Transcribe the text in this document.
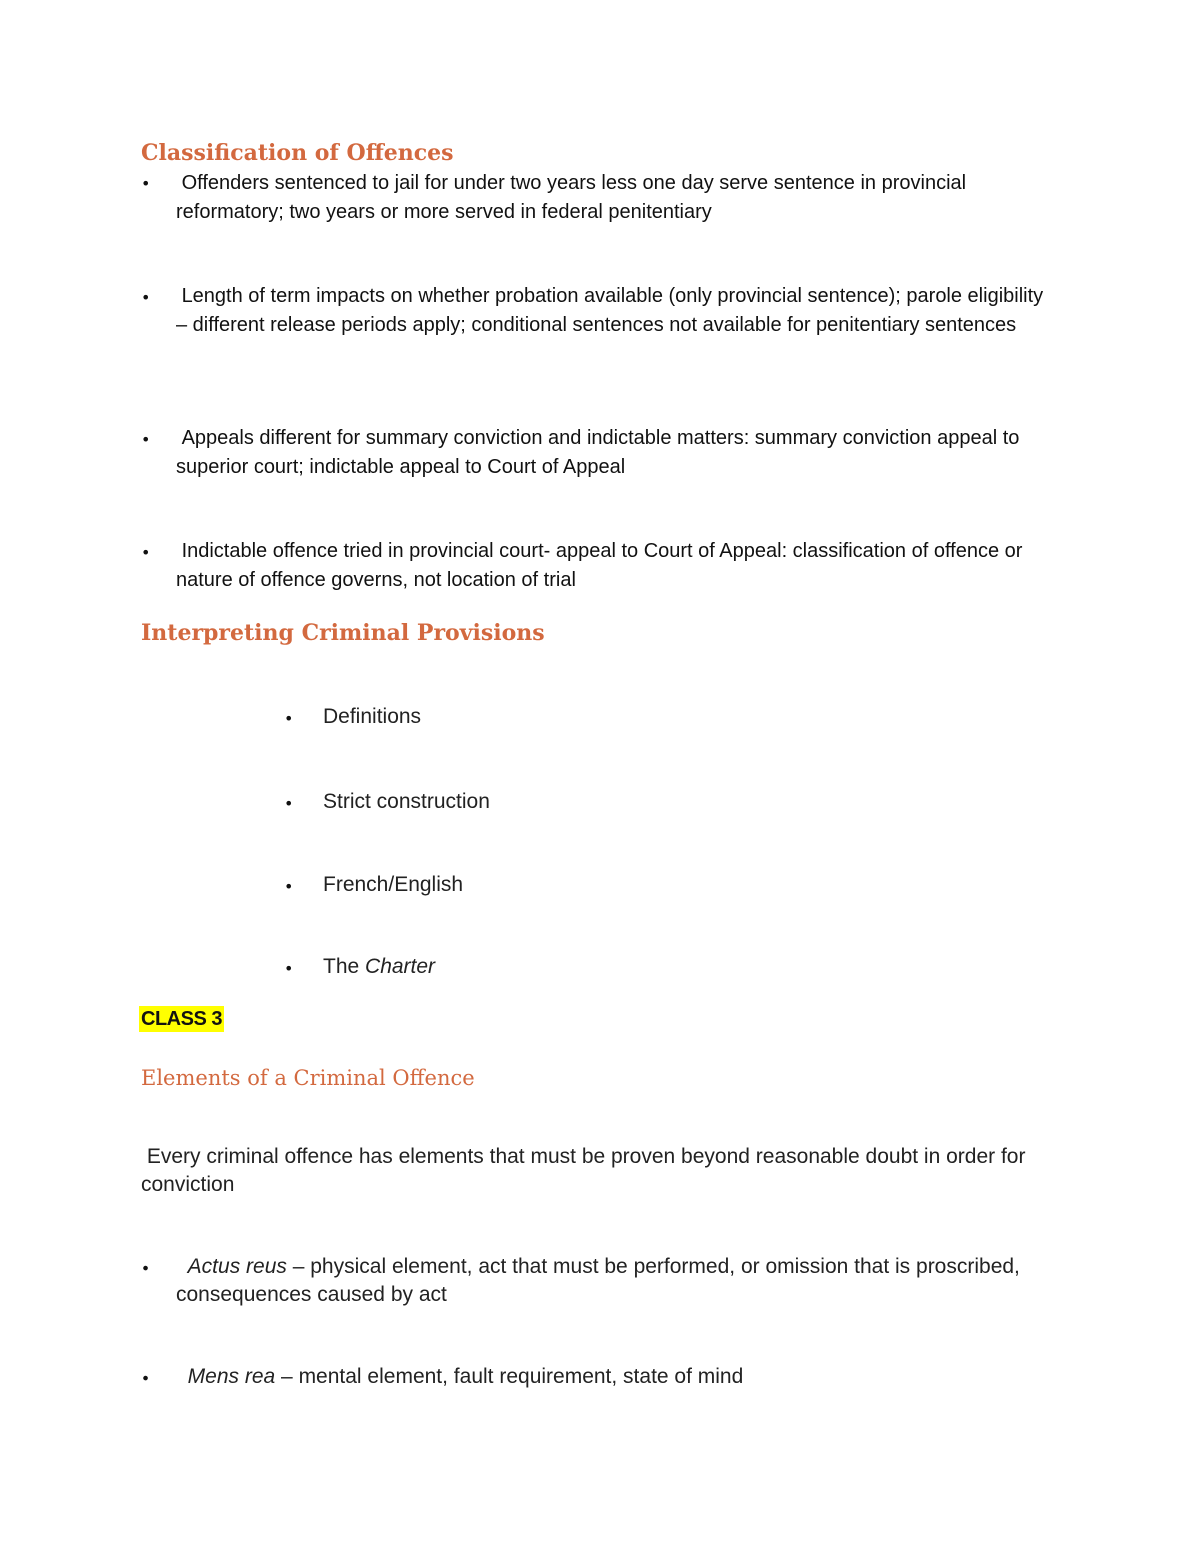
Classification of Offences
• Offenders sentenced to jail for under two years less one day serve sentence in provincial reformatory; two years or more served in federal penitentiary
• Length of term impacts on whether probation available (only provincial sentence); parole eligibility – different release periods apply; conditional sentences not available for penitentiary sentences
• Appeals different for summary conviction and indictable matters: summary conviction appeal to superior court; indictable appeal to Court of Appeal
• Indictable offence tried in provincial court- appeal to Court of Appeal: classification of offence or nature of offence governs, not location of trial
Interpreting Criminal Provisions
• Definitions
• Strict construction
• French/English
• The Charter
CLASS 3
Elements of a Criminal Offence
Every criminal offence has elements that must be proven beyond reasonable doubt in order for conviction
•	Actus reus – physical element, act that must be performed, or omission that is proscribed, consequences caused by act
•	Mens rea – mental element, fault requirement, state of mind
